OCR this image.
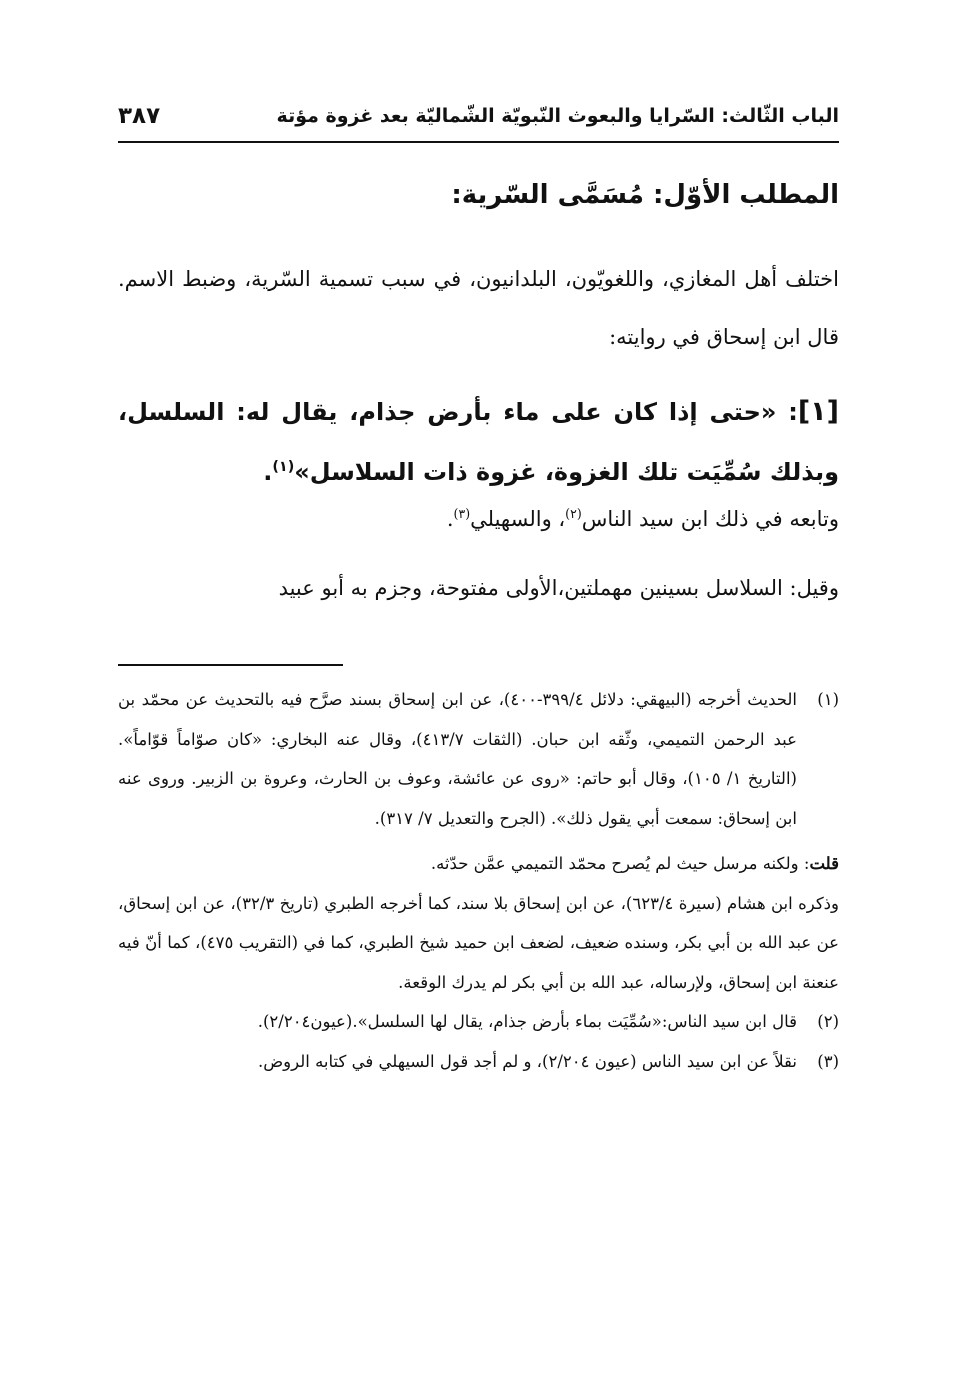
الباب الثّالث: السّرايا والبعوث النّبويّة الشّماليّة بعد غزوة مؤتة
٣٨٧
المطلب الأوّل: مُسَمَّى السّرية:
اختلف أهل المغازي، واللغويّون، البلدانيون، في سبب تسمية السّرية، وضبط الاسم. قال ابن إسحاق في روايته:
[١]: «حتى إذا كان على ماء بأرض جذام، يقال له: السلسل، وبذلك سُمِّيَت تلك الغزوة، غزوة ذات السلاسل»$^{(١)}$.
وتابعه في ذلك ابن سيد الناس$^{(٢)}$، والسهيلي$^{(٣)}$.
وقيل: السلاسل بسينين مهملتين،الأولى مفتوحة، وجزم به أبو عبيد
(١)
الحديث أخرجه (البيهقي: دلائل ٣٩٩/٤-٤٠٠)، عن ابن إسحاق بسند صرَّح فيه بالتحديث عن محمّد بن عبد الرحمن التميمي، وثّقه ابن حبان. (الثقات ٤١٣/٧)، وقال عنه البخاري: «كان صوّاماً قوّاماً». (التاريخ ١/ ١٠٥)، وقال أبو حاتم: «روى عن عائشة، وعوف بن الحارث، وعروة بن الزبير. وروى عنه ابن إسحاق: سمعت أبي يقول ذلك». (الجرح والتعديل ٧/ ٣١٧).
قلت: ولكنه مرسل حيث لم يُصرح محمّد التميمي عمَّن حدّثه.
وذكره ابن هشام (سيرة ٦٢٣/٤)، عن ابن إسحاق بلا سند، كما أخرجه الطبري (تاريخ ٣٢/٣)، عن ابن إسحاق، عن عبد الله بن أبي بكر، وسنده ضعيف، لضعف ابن حميد شيخ الطبري، كما في (التقريب ٤٧٥)، كما أنّ فيه عنعنة ابن إسحاق، ولإرساله، عبد الله بن أبي بكر لم يدرك الوقعة.
(٢)
قال ابن سيد الناس:«سُمِّيَت بماء بأرض جذام، يقال لها السلسل».(عيون٢/٢٠٤).
(٣)
نقلاً عن ابن سيد الناس (عيون ٢/٢٠٤)، و لم أجد قول السيهلي في كتابه الروض.
